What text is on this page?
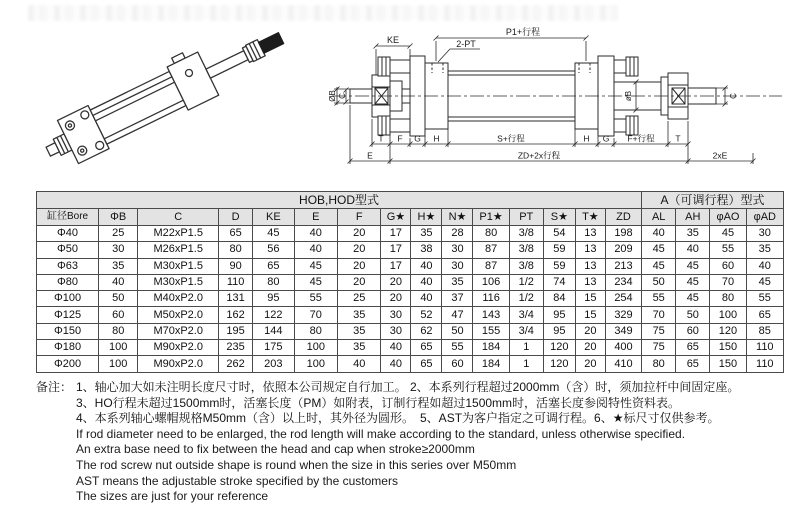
KE	2-PT
P1+行程
ØB C	øB	C
T F G H	S+行程	H G F+行程 T
E	ZD+2x行程	2xE
HOB,HOD型式															A（可调行程）型式			
缸径Bore	ΦB	C	D	KE	E	F	G★	H★	N★	P1★	PT	S★	T★	ZD	AL	AH	φAO	φAD
Φ40	25	M22xP1.5	65	45	40	20	17	35	28	80	3/8	54	13	198	40	35	45	30
Φ50	30	M26xP1.5	80	56	40	20	17	38	30	87	3/8	59	13	209	45	40	55	35
Φ63	35	M30xP1.5	90	65	45	20	17	40	30	87	3/8	59	13	213	45	45	60	40
Φ80	40	M30xP1.5	110	80	45	20	20	40	35	106	1/2	74	13	234	50	45	70	45
Φ100	50	M40xP2.0	131	95	55	25	20	40	37	116	1/2	84	15	254	55	45	80	55
Φ125	60	M50xP2.0	162	122	70	35	30	52	47	143	3/4	95	15	329	70	50	100	65
Φ150	80	M70xP2.0	195	144	80	35	30	62	50	155	3/4	95	20	349	75	60	120	85
Φ180	100	M90xP2.0	235	175	100	35	40	65	55	184	1	120	20	400	75	65	150	110
Φ200	100	M90xP2.0	262	203	100	40	40	65	60	184	1	120	20	410	80	65	150	110
备注： 1、轴心加大如未注明长度尺寸时，依照本公司规定自行加工。 2、本系列行程超过2000mm（含）时，须加拉杆中间固定座。
3、HO行程未超过1500mm时，活塞长度（PM）如附表，订制行程如超过1500mm时，活塞长度参阅特性资料表。
4、本系列轴心螺帽规格M50mm（含）以上时，其外径为圆形。　5、AST为客户指定之可调行程。6、★标尺寸仅供参考。
If rod diameter need to be enlarged, the rod length will make according to the standard, unless otherwise specified.
An extra base need to fix between the head and cap when stroke≥2000mm
The rod screw nut outside shape is round when the size in this series over M50mm
AST means the adjustable stroke specified by the customers
The sizes are just for your reference
